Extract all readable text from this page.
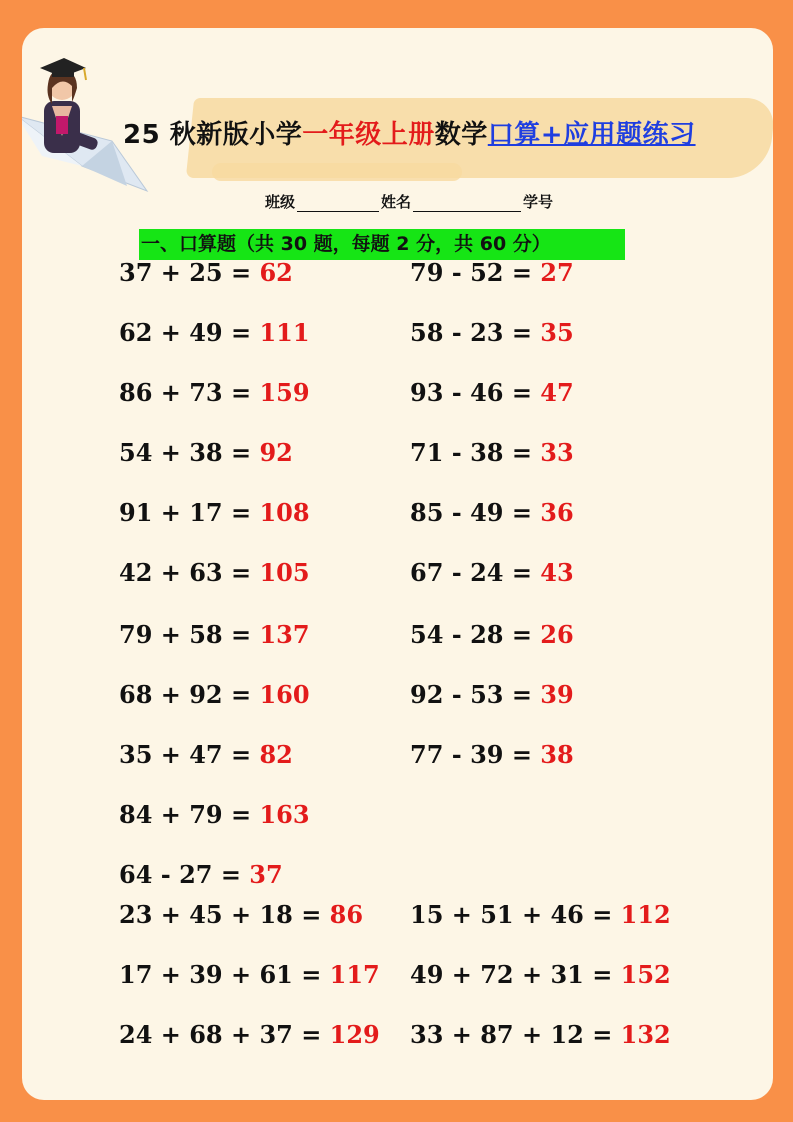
25 秋新版小学一年级上册数学口算+应用题练习
班级	姓名	学号
一、口算题（共 30 题，每题 2 分，共 60 分）
37 + 25 = 62
62 + 49 = 111
86 + 73 = 159
54 + 38 = 92
91 + 17 = 108
42 + 63 = 105
79 + 58 = 137
68 + 92 = 160
35 + 47 = 82
84 + 79 = 163
64 - 27 = 37
23 + 45 + 18 = 86
17 + 39 + 61 = 117
24 + 68 + 37 = 129
79 - 52 = 27
58 - 23 = 35
93 - 46 = 47
71 - 38 = 33
85 - 49 = 36
67 - 24 = 43
54 - 28 = 26
92 - 53 = 39
77 - 39 = 38
15 + 51 + 46 = 112
49 + 72 + 31 = 152
33 + 87 + 12 = 132
